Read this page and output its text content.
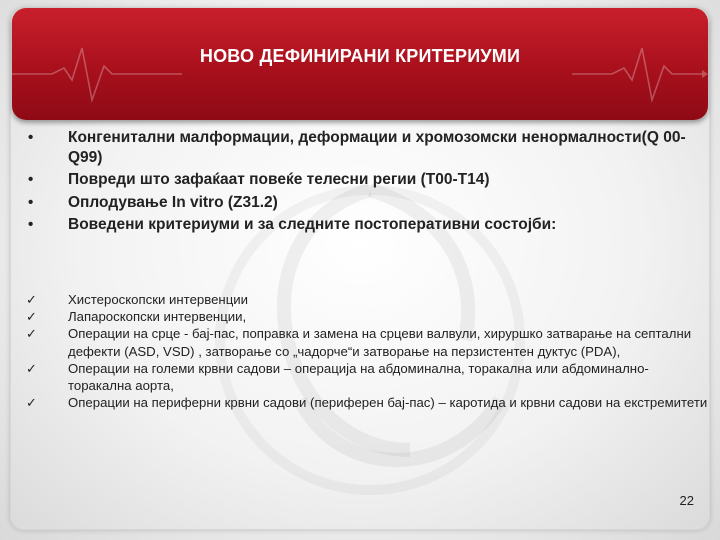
НОВО ДЕФИНИРАНИ КРИТЕРИУМИ
• Конгенитални малформации, деформации и хромозомски ненормалности(Q 00-Q99)
• Повреди што зафаќаат повеќе телесни регии (T00-T14)
• Оплодување In vitro (Z31.2)
• Воведени критериуми и за следните постоперативни состојби:
✓ Хистероскопски интервенции
✓ Лапароскопски интервенции,
✓ Операции на срце - бај-пас, поправка и замена на срцеви валвули, хируршко затварање на септални дефекти (ASD, VSD) , затворање со „чадорче“и затворање на перзистентен дуктус (PDA),
✓ Операции на големи крвни садови – операција на абдоминална, торакална или абдоминално-торакална аорта,
✓ Операции на периферни крвни садови (периферен бај-пас) – каротида и крвни садови на екстремитети
22
